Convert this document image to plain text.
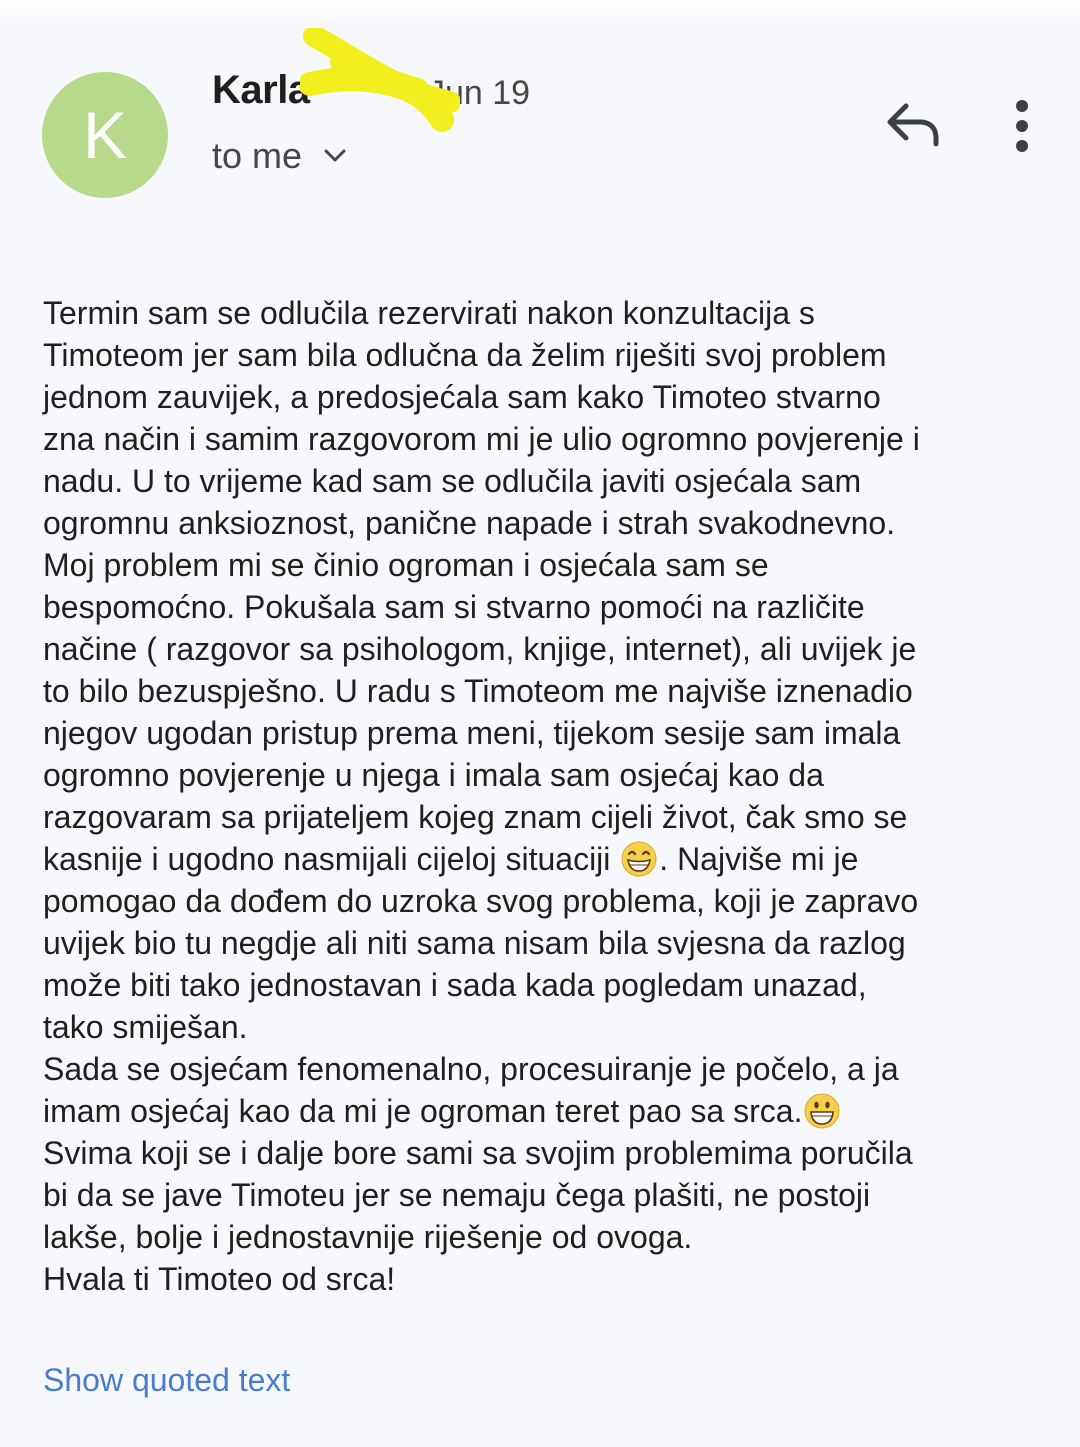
K
Karla	Jun 19
to me
Termin sam se odlučila rezervirati nakon konzultacija s
Timoteom jer sam bila odlučna da želim riješiti svoj problem
jednom zauvijek, a predosjećala sam kako Timoteo stvarno
zna način i samim razgovorom mi je ulio ogromno povjerenje i
nadu. U to vrijeme kad sam se odlučila javiti osjećala sam
ogromnu anksioznost, panične napade i strah svakodnevno.
Moj problem mi se činio ogroman i osjećala sam se
bespomoćno. Pokušala sam si stvarno pomoći na različite
načine ( razgovor sa psihologom, knjige, internet), ali uvijek je
to bilo bezuspješno. U radu s Timoteom me najviše iznenadio
njegov ugodan pristup prema meni, tijekom sesije sam imala
ogromno povjerenje u njega i imala sam osjećaj kao da
razgovaram sa prijateljem kojeg znam cijeli život, čak smo se
kasnije i ugodno nasmijali cijeloj situaciji . Najviše mi je
pomogao da dođem do uzroka svog problema, koji je zapravo
uvijek bio tu negdje ali niti sama nisam bila svjesna da razlog
može biti tako jednostavan i sada kada pogledam unazad,
tako smiješan.
Sada se osjećam fenomenalno, procesuiranje je počelo, a ja
imam osjećaj kao da mi je ogroman teret pao sa srca.
Svima koji se i dalje bore sami sa svojim problemima poručila
bi da se jave Timoteu jer se nemaju čega plašiti, ne postoji
lakše, bolje i jednostavnije riješenje od ovoga.
Hvala ti Timoteo od srca!
Show quoted text
